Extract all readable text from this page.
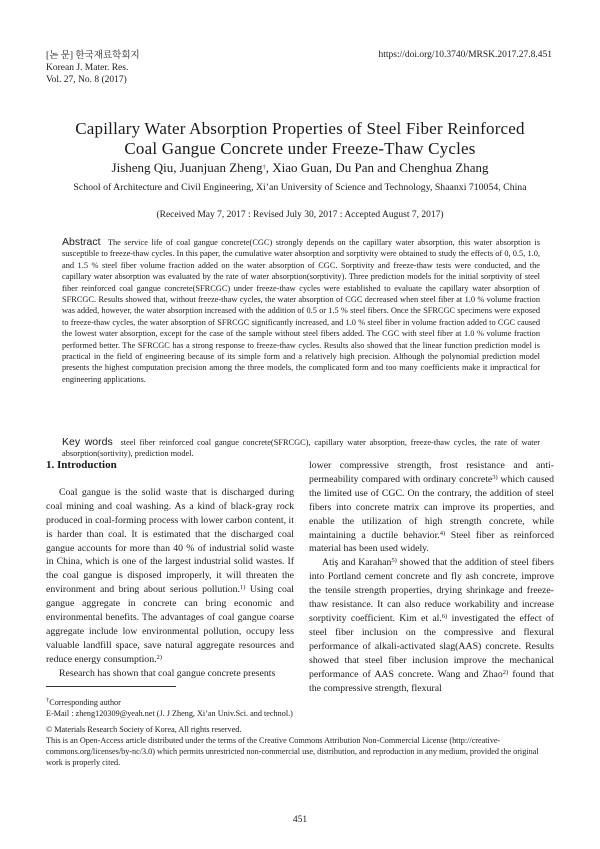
[논 문] 한국재료학회지
Korean J. Mater. Res.
Vol. 27, No. 8 (2017)
https://doi.org/10.3740/MRSK.2017.27.8.451
Capillary Water Absorption Properties of Steel Fiber Reinforced
Coal Gangue Concrete under Freeze-Thaw Cycles
Jisheng Qiu, Juanjuan Zheng†, Xiao Guan, Du Pan and Chenghua Zhang
School of Architecture and Civil Engineering, Xi’an University of Science and Technology, Shaanxi 710054, China
(Received May 7, 2017 : Revised July 30, 2017 : Accepted August 7, 2017)
Abstract The service life of coal gangue concrete(CGC) strongly depends on the capillary water absorption, this water absorption is susceptible to freeze-thaw cycles. In this paper, the cumulative water absorption and sorptivity were obtained to study the effects of 0, 0.5, 1.0, and 1.5 % steel fiber volume fraction added on the water absorption of CGC. Sorptivity and freeze-thaw tests were conducted, and the capillary water absorption was evaluated by the rate of water absorption(sorptivity). Three prediction models for the initial sorptivity of steel fiber reinforced coal gangue concrete(SFRCGC) under freeze-thaw cycles were established to evaluate the capillary water absorption of SFRCGC. Results showed that, without freeze-thaw cycles, the water absorption of CGC decreased when steel fiber at 1.0 % volume fraction was added, however, the water absorption increased with the addition of 0.5 or 1.5 % steel fibers. Once the SFRCGC specimens were exposed to freeze-thaw cycles, the water absorption of SFRCGC significantly increased, and 1.0 % steel fiber in volume fraction added to CGC caused the lowest water absorption, except for the case of the sample without steel fibers added. The CGC with steel fiber at 1.0 % volume fraction performed better. The SFRCGC has a strong response to freeze-thaw cycles. Results also showed that the linear function prediction model is practical in the field of engineering because of its simple form and a relatively high precision. Although the polynomial prediction model presents the highest computation precision among the three models, the complicated form and too many coefficients make it impractical for engineering applications.
Key words steel fiber reinforced coal gangue concrete(SFRCGC), capillary water absorption, freeze-thaw cycles, the rate of water absorption(sortivity), prediction model.
1. Introduction

Coal gangue is the solid waste that is discharged during coal mining and coal washing. As a kind of black-gray rock produced in coal-forming process with lower carbon content, it is harder than coal. It is estimated that the discharged coal gangue accounts for more than 40 % of industrial solid waste in China, which is one of the largest industrial solid wastes. If the coal gangue is disposed improperly, it will threaten the environment and bring about serious pollution.$^{1)}$ Using coal gangue aggregate in concrete can bring economic and environmental benefits. The advantages of coal gangue coarse aggregate include low environmental pollution, occupy less valuable landfill space, save natural aggregate resources and reduce energy consumption.$^{2)}$

Research has shown that coal gangue concrete presents

lower compressive strength, frost resistance and anti-permeability compared with ordinary concrete$^{3)}$ which caused the limited use of CGC. On the contrary, the addition of steel fibers into concrete matrix can improve its properties, and enable the utilization of high strength concrete, while maintaining a ductile behavior.$^{4)}$ Steel fiber as reinforced material has been used widely.

Atiş and Karahan$^{5)}$ showed that the addition of steel fibers into Portland cement concrete and fly ash concrete, improve the tensile strength properties, drying shrinkage and freeze-thaw resistance. It can also reduce workability and increase sorptivity coefficient. Kim et al.$^{6)}$ investigated the effect of steel fiber inclusion on the compressive and flexural performance of alkali-activated slag(AAS) concrete. Results showed that steel fiber inclusion improve the mechanical performance of AAS concrete. Wang and Zhao$^{2)}$ found that the compressive strength, flexural

†Corresponding author

E-Mail : zheng120309@yeah.net (J. J Zheng, Xi’an Univ.Sci. and technol.)

© Materials Research Society of Korea, All rights reserved.

This is an Open-Access article distributed under the terms of the Creative Commons Attribution Non-Commercial License (http://creative-commons.org/licenses/by-nc/3.0) which permits unrestricted non-commercial use, distribution, and reproduction in any medium, provided the original work is properly cited.

451
